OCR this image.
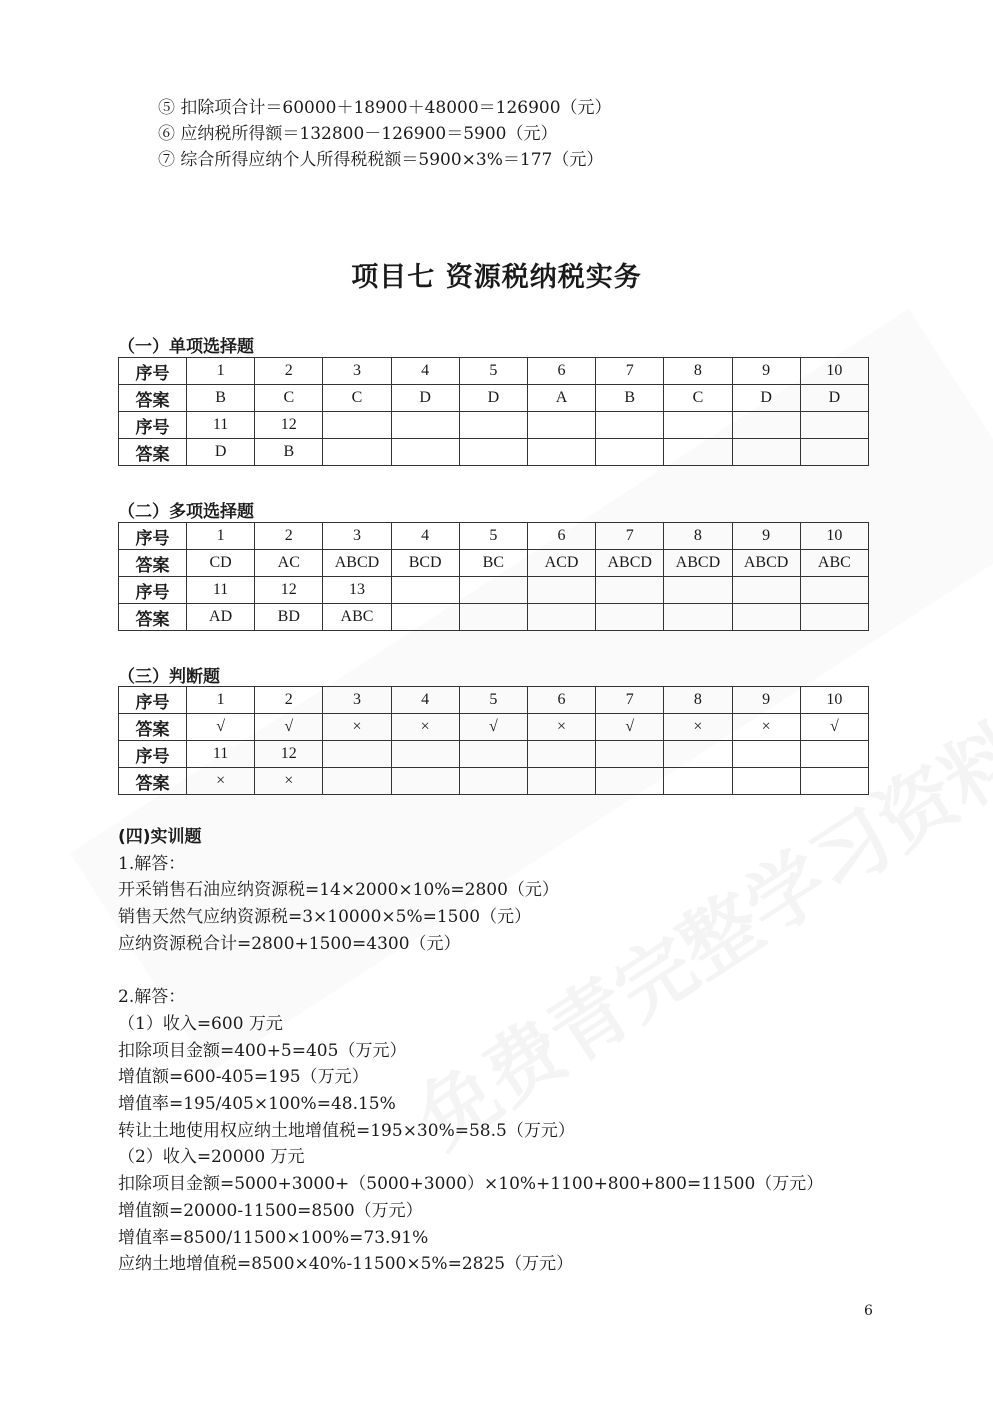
⑤ 扣除项合计＝60000＋18900＋48000＝126900（元）
⑥ 应纳税所得额＝132800－126900＝5900（元）
⑦ 综合所得应纳个人所得税税额＝5900×3%＝177（元）
项目七 资源税纳税实务
（一）单项选择题
序号	1	2	3	4	5	6	7	8	9	10
答案	B	C	C	D	D	A	B	C	D	D
序号	11	12								
答案	D	B								
（二）多项选择题
序号	1	2	3	4	5	6	7	8	9	10
答案	CD	AC	ABCD	BCD	BC	ACD	ABCD	ABCD	ABCD	ABC
序号	11	12	13							
答案	AD	BD	ABC							
（三）判断题
序号	1	2	3	4	5	6	7	8	9	10
答案	√	√	×	×	√	×	√	×	×	√
序号	11	12								
答案	×	×								
(四)实训题
1.解答：
开采销售石油应纳资源税=14×2000×10%=2800（元）
销售天然气应纳资源税=3×10000×5%=1500（元）
应纳资源税合计=2800+1500=4300（元）
2.解答：
（1）收入=600 万元
扣除项目金额=400+5=405（万元）
增值额=600-405=195（万元）
增值率=195/405×100%=48.15%
转让土地使用权应纳土地增值税=195×30%=58.5（万元）
（2）收入=20000 万元
扣除项目金额=5000+3000+（5000+3000）×10%+1100+800+800=11500（万元）
增值额=20000-11500=8500（万元）
增值率=8500/11500×100%=73.91%
应纳土地增值税=8500×40%-11500×5%=2825（万元）
6
